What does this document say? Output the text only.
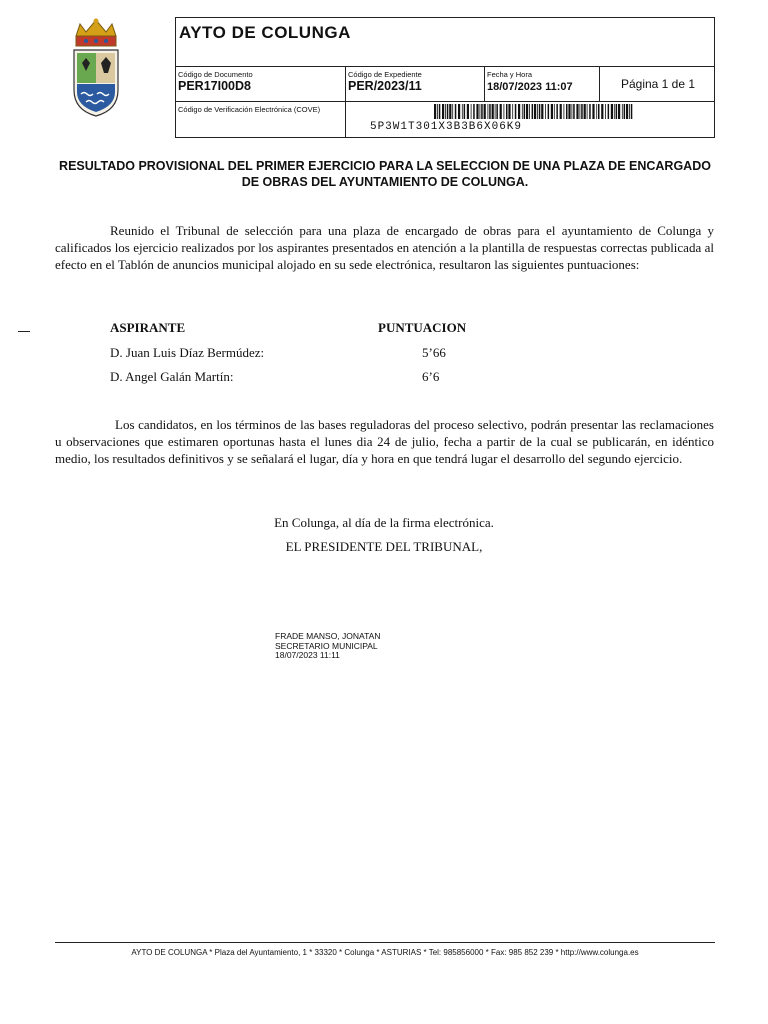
AYTO DE COLUNGA
Código de Documento
PER17I00D8
Código de Expediente
PER/2023/11
Fecha y Hora
18/07/2023 11:07	Página 1 de 1
Código de Verificación Electrónica (COVE)
5P3W1T301X3B3B6X06K9
RESULTADO PROVISIONAL DEL PRIMER EJERCICIO PARA LA SELECCION DE UNA PLAZA DE ENCARGADO DE OBRAS DEL AYUNTAMIENTO DE COLUNGA.
Reunido el Tribunal de selección para una plaza de encargado de obras para el ayuntamiento de Colunga y calificados los ejercicio realizados por los aspirantes presentados en atención a la plantilla de respuestas correctas publicada al efecto en el Tablón de anuncios municipal alojado en su sede electrónica, resultaron las siguientes puntuaciones:
ASPIRANTE	PUNTUACION
D. Juan Luis Díaz Bermúdez:	5’66
D. Angel Galán Martín:	6’6
Los candidatos, en los términos de las bases reguladoras del proceso selectivo, podrán presentar las reclamaciones u observaciones que estimaren oportunas hasta el lunes dia 24 de julio, fecha a partir de la cual se publicarán, en idéntico medio, los resultados definitivos y se señalará el lugar, día y hora en que tendrá lugar el desarrollo del segundo ejercicio.
En Colunga, al día de la firma electrónica.
EL PRESIDENTE DEL TRIBUNAL,
FRADE MANSO, JONATAN
SECRETARIO MUNICIPAL
18/07/2023 11:11
AYTO DE COLUNGA * Plaza del Ayuntamiento, 1 * 33320 * Colunga * ASTURIAS * Tel: 985856000 * Fax: 985 852 239 * http://www.colunga.es
